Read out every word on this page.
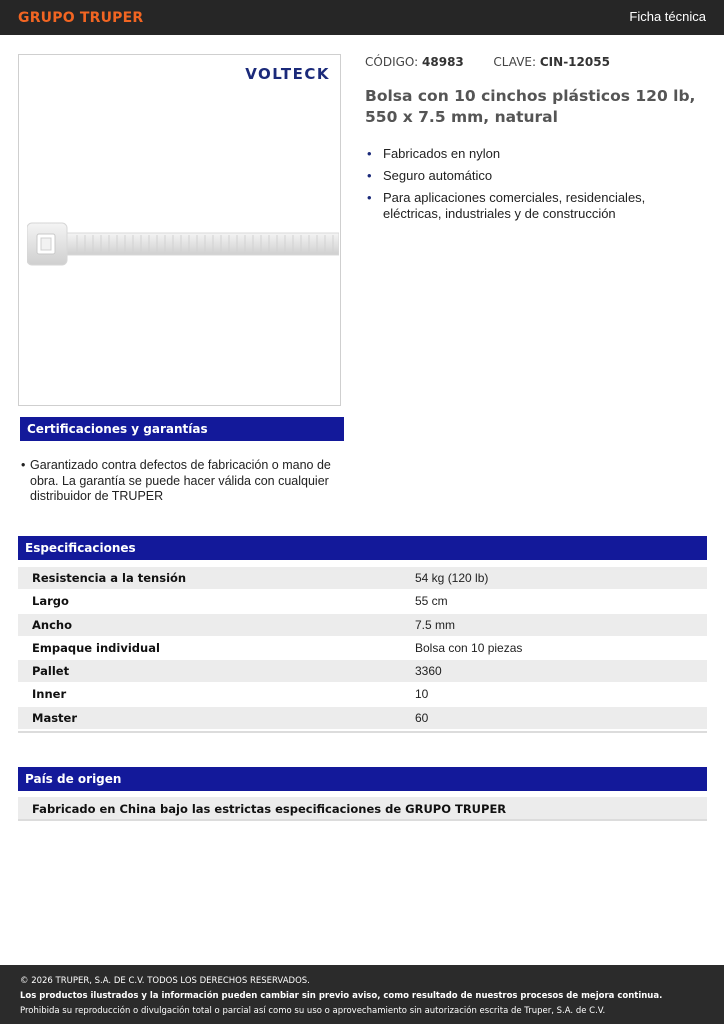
GRUPO TRUPER	Ficha técnica
VOLTECK
CÓDIGO: 48983 CLAVE: CIN-12055
Bolsa con 10 cinchos plásticos 120 lb, 550 x 7.5 mm, natural
• Fabricados en nylon
• Seguro automático
• Para aplicaciones comerciales, residenciales, eléctricas, industriales y de construcción
Certificaciones y garantías
• Garantizado contra defectos de fabricación o mano de obra. La garantía se puede hacer válida con cualquier distribuidor de TRUPER
Especificaciones
Resistencia a la tensión	54 kg (120 lb)
Largo	55 cm
Ancho	7.5 mm
Empaque individual	Bolsa con 10 piezas
Pallet	3360
Inner	10
Master	60
País de origen
Fabricado en China bajo las estrictas especificaciones de GRUPO TRUPER
© 2026 TRUPER, S.A. DE C.V. TODOS LOS DERECHOS RESERVADOS.
Los productos ilustrados y la información pueden cambiar sin previo aviso, como resultado de nuestros procesos de mejora continua.
Prohibida su reproducción o divulgación total o parcial así como su uso o aprovechamiento sin autorización escrita de Truper, S.A. de C.V.
